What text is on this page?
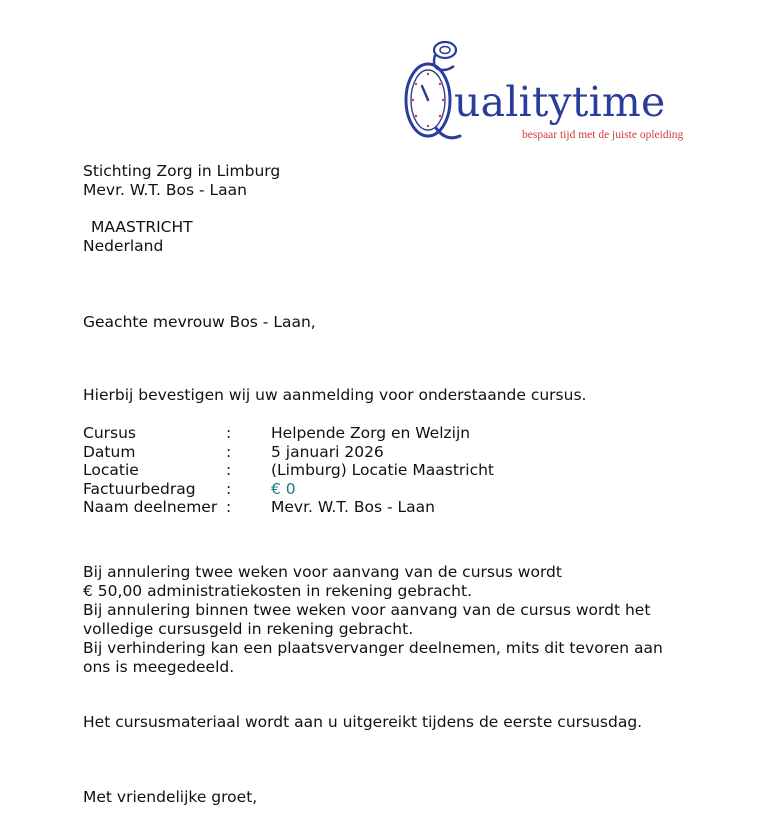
ualitytime
bespaar tijd met de juiste opleiding
Stichting Zorg in Limburg
Mevr. W.T. Bos - Laan
MAASTRICHT
Nederland
Geachte mevrouw Bos - Laan,
Hierbij bevestigen wij uw aanmelding voor onderstaande cursus.
Cursus	:	Helpende Zorg en Welzijn
Datum	:	5 januari 2026
Locatie	:	(Limburg) Locatie Maastricht
Factuurbedrag :	€ 0
Naam deelnemer :	Mevr. W.T. Bos - Laan
Bij annulering twee weken voor aanvang van de cursus wordt
€ 50,00 administratiekosten in rekening gebracht.
Bij annulering binnen twee weken voor aanvang van de cursus wordt het
volledige cursusgeld in rekening gebracht.
Bij verhindering kan een plaatsvervanger deelnemen, mits dit tevoren aan
ons is meegedeeld.
Het cursusmateriaal wordt aan u uitgereikt tijdens de eerste cursusdag.
Met vriendelijke groet,
